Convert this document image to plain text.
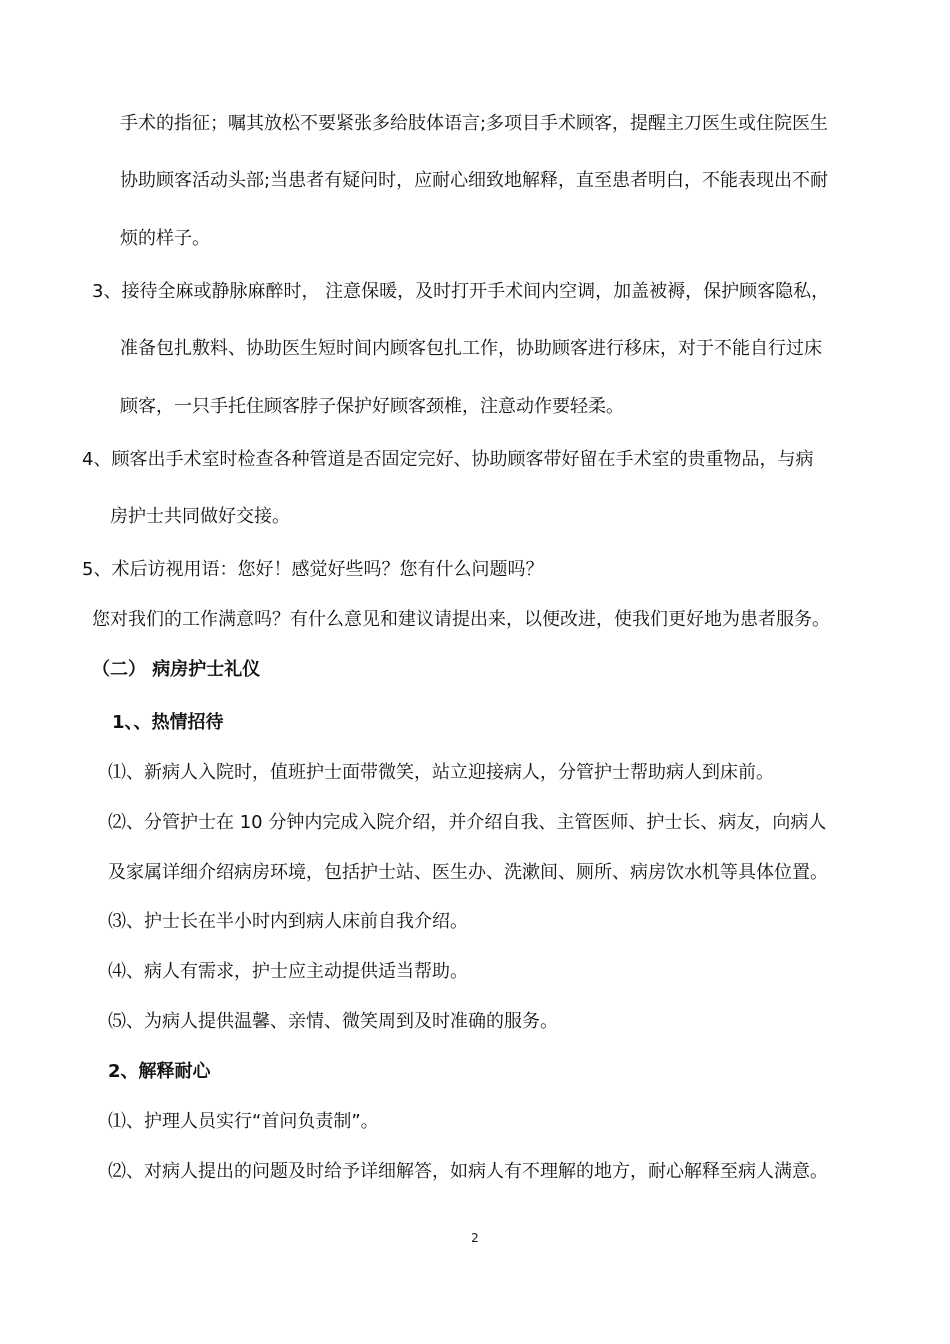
手术的指征；嘱其放松不要紧张多给肢体语言;多项目手术顾客，提醒主刀医生或住院医生
协助顾客活动头部;当患者有疑问时，应耐心细致地解释，直至患者明白，不能表现出不耐
烦的样子。
3、接待全麻或静脉麻醉时， 注意保暖，及时打开手术间内空调，加盖被褥，保护顾客隐私，
准备包扎敷料、协助医生短时间内顾客包扎工作，协助顾客进行移床，对于不能自行过床
顾客，一只手托住顾客脖子保护好顾客颈椎，注意动作要轻柔。
4、顾客出手术室时检查各种管道是否固定完好、协助顾客带好留在手术室的贵重物品，与病
房护士共同做好交接。
5、术后访视用语：您好！感觉好些吗？您有什么问题吗？
您对我们的工作满意吗？有什么意见和建议请提出来，以便改进，使我们更好地为患者服务。
（二） 病房护士礼仪
1、、热情招待
⑴、新病人入院时，值班护士面带微笑，站立迎接病人，分管护士帮助病人到床前。
⑵、分管护士在 10 分钟内完成入院介绍，并介绍自我、主管医师、护士长、病友，向病人
及家属详细介绍病房环境，包括护士站、医生办、洗漱间、厕所、病房饮水机等具体位置。
⑶、护士长在半小时内到病人床前自我介绍。
⑷、病人有需求，护士应主动提供适当帮助。
⑸、为病人提供温馨、亲情、微笑周到及时准确的服务。
2、解释耐心
⑴、护理人员实行“首问负责制”。
⑵、对病人提出的问题及时给予详细解答，如病人有不理解的地方，耐心解释至病人满意。
2
